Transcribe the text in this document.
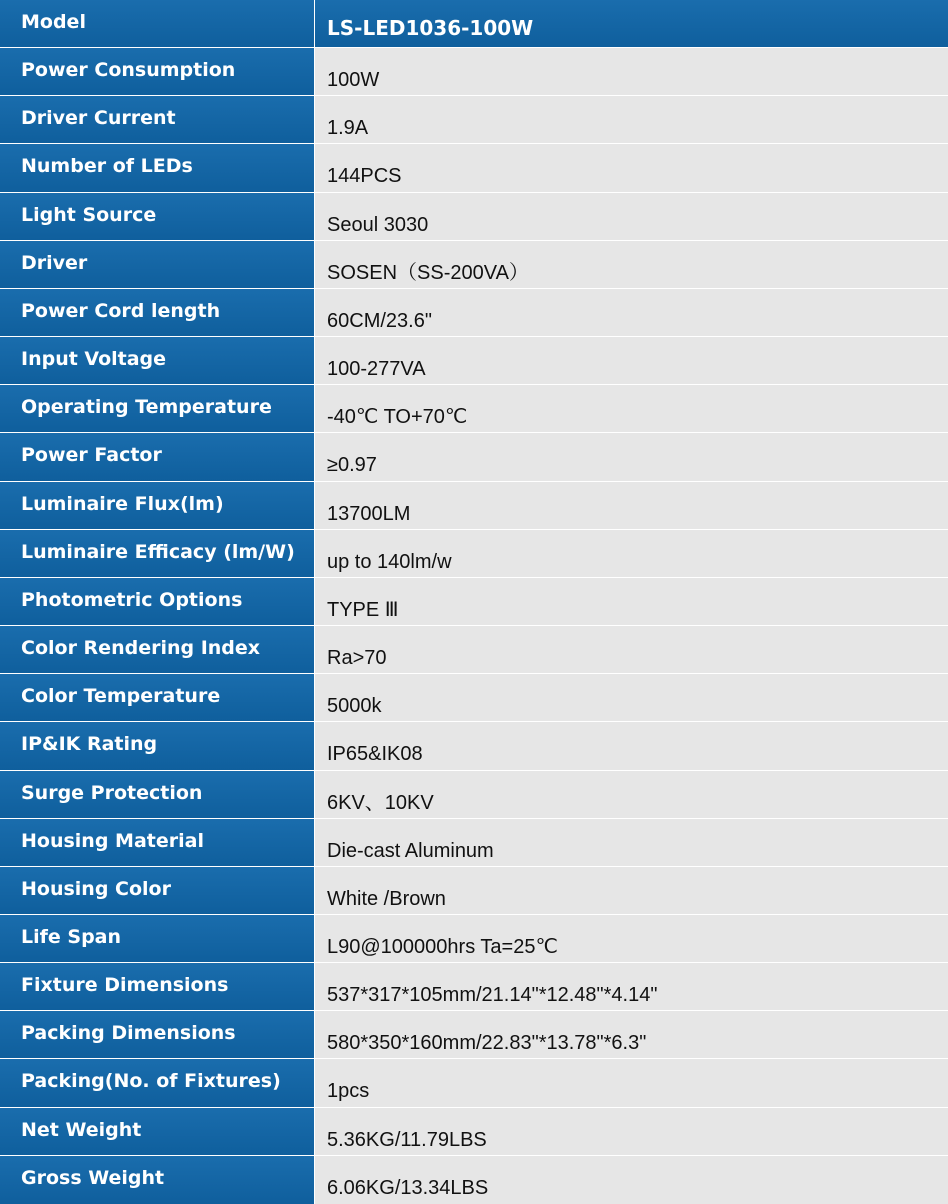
Model	LS-LED1036-100W
Power Consumption	100W
Driver Current	1.9A
Number of LEDs	144PCS
Light Source	Seoul 3030
Driver	SOSEN（SS-200VA）
Power Cord length	60CM/23.6"
Input Voltage	100-277VA
Operating Temperature	-40℃ TO+70℃
Power Factor	≥0.97
Luminaire Flux(lm)	13700LM
Luminaire Efficacy (lm/W)	up to 140lm/w
Photometric Options	TYPE Ⅲ
Color Rendering Index	Ra>70
Color Temperature	5000k
IP&IK Rating	IP65&IK08
Surge Protection	6KV、10KV
Housing Material	Die-cast Aluminum
Housing Color	White /Brown
Life Span	L90@100000hrs Ta=25℃
Fixture Dimensions	537*317*105mm/21.14"*12.48"*4.14"
Packing Dimensions	580*350*160mm/22.83"*13.78"*6.3"
Packing(No. of Fixtures)	1pcs
Net Weight	5.36KG/11.79LBS
Gross Weight	6.06KG/13.34LBS
